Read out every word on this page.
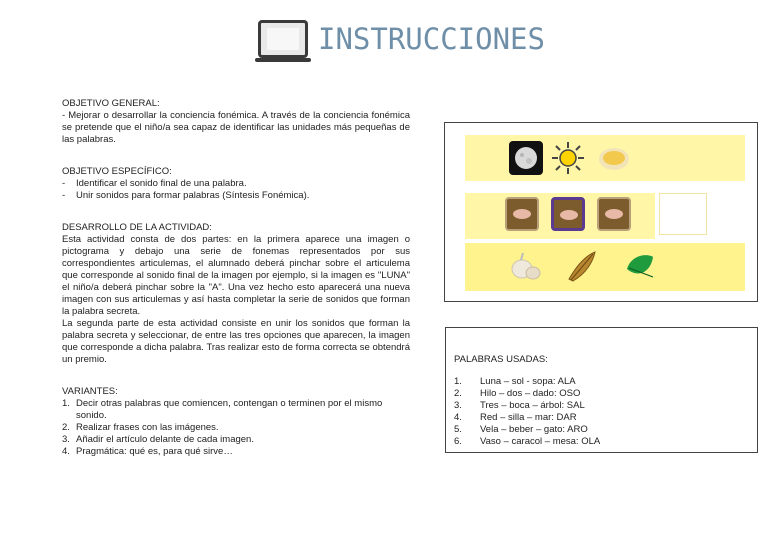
INSTRUCCIONES

OBJETIVO GENERAL:

- Mejorar o desarrollar la conciencia fonémica. A través de la conciencia fonémica se pretende que el niño/a sea capaz de identificar las unidades más pequeñas de las palabras.

OBJETIVO ESPECÍFICO:

- Identificar el sonido final de una palabra.
- Unir sonidos para formar palabras (Síntesis Fonémica).

DESARROLLO DE LA ACTIVIDAD:

Esta actividad consta de dos partes: en la primera aparece una imagen o pictograma y debajo una serie de fonemas representados por sus correspondientes articulemas, el alumnado deberá pinchar sobre el articulema que corresponde al sonido final de la imagen por ejemplo, si la imagen es "LUNA" el niño/a deberá pinchar sobre la "A". Una vez hecho esto aparecerá una nueva imagen con sus articulemas y así hasta completar la serie de sonidos que forman la palabra secreta.

La segunda parte de esta actividad consiste en unir los sonidos que forman la palabra secreta y seleccionar, de entre las tres opciones que aparecen, la imagen que corresponde a dicha palabra. Tras realizar esto de forma correcta se obtendrá un premio.

VARIANTES:

1. Decir otras palabras que comiencen, contengan o terminen por el mismo sonido.
2. Realizar frases con las imágenes.
3. Añadir el artículo delante de cada imagen.
4. Pragmática: qué es, para qué sirve…

PALABRAS USADAS:

1.	Luna – sol - sopa: ALA
2.	Hilo – dos – dado: OSO
3.	Tres – boca – árbol: SAL
4.	Red – silla – mar: DAR
5.	Vela – beber – gato: ARO
6.	Vaso – caracol – mesa: OLA
